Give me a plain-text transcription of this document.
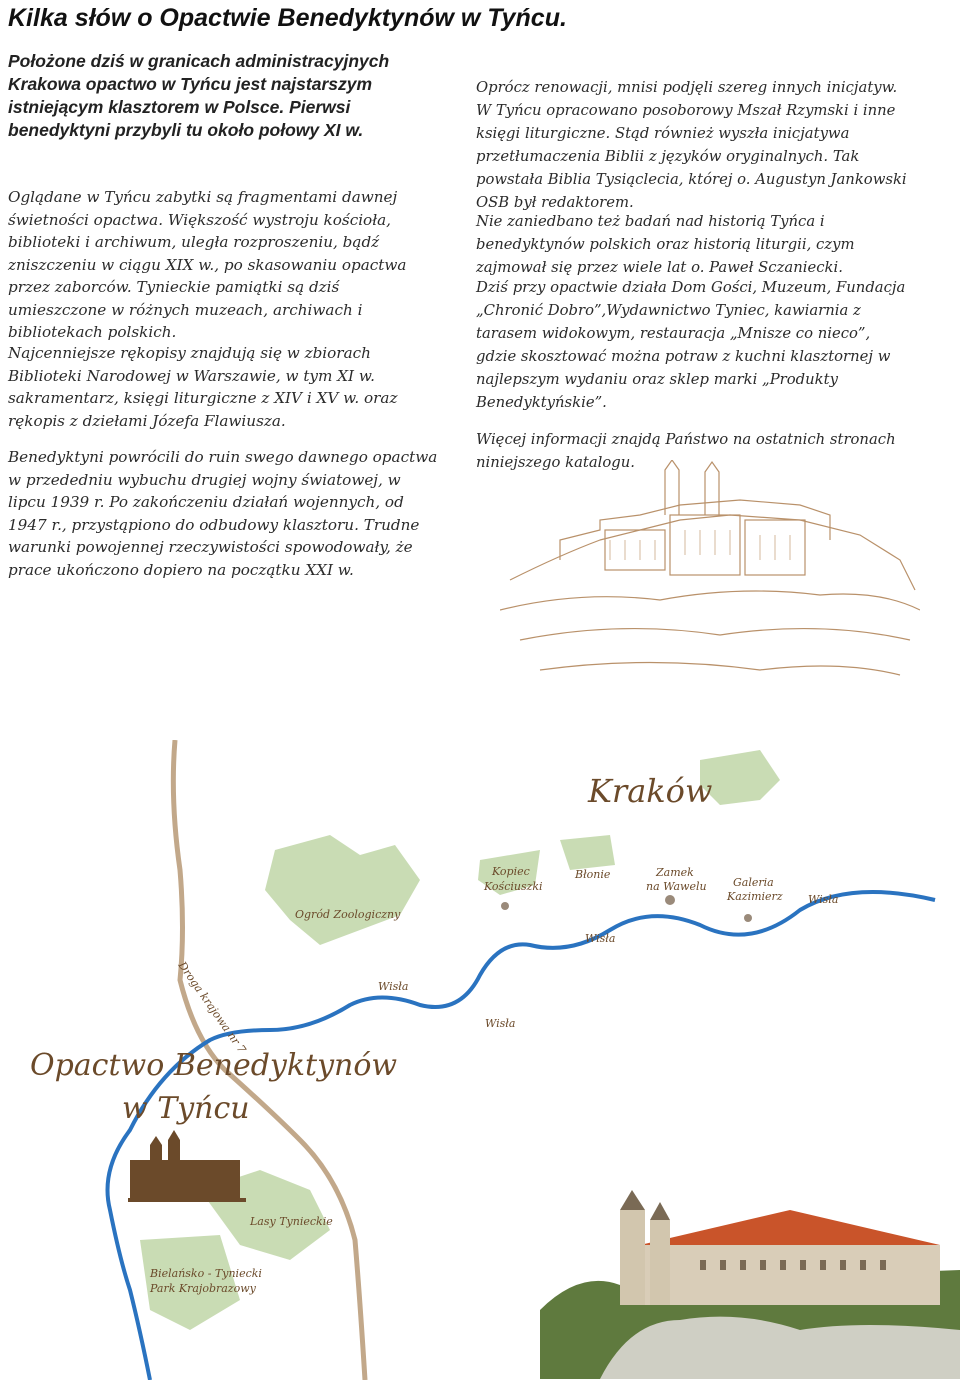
Kilka słów o Opactwie Benedyktynów w Tyńcu.

Położone dziś w granicach administracyjnych Krakowa opactwo w Tyńcu jest najstarszym istniejącym klasztorem w Polsce. Pierwsi benedyktyni przybyli tu około połowy XI w.

Oglądane w Tyńcu zabytki są fragmentami dawnej świetności opactwa. Większość wystroju kościoła, biblioteki i archiwum, uległa rozproszeniu, bądź zniszczeniu w ciągu XIX w., po skasowaniu opactwa przez zaborców. Tynieckie pamiątki są dziś umieszczone w różnych muzeach, archiwach i bibliotekach polskich.

Najcenniejsze rękopisy znajdują się w zbiorach Biblioteki Narodowej w Warszawie, w tym XI w. sakramentarz, księgi liturgiczne z XIV i XV w. oraz rękopis z dziełami Józefa Flawiusza.

Benedyktyni powrócili do ruin swego dawnego opactwa w przededniu wybuchu drugiej wojny światowej, w lipcu 1939 r. Po zakończeniu działań wojennych, od 1947 r., przystąpiono do odbudowy klasztoru. Trudne warunki powojennej rzeczywistości spowodowały, że prace ukończono dopiero na początku XXI w.

Oprócz renowacji, mnisi podjęli szereg innych inicjatyw. W Tyńcu opracowano posoborowy Mszał Rzymski i inne księgi liturgiczne. Stąd również wyszła inicjatywa przetłumaczenia Biblii z języków oryginalnych. Tak powstała Biblia Tysiąclecia, której o. Augustyn Jankowski OSB był redaktorem.

Nie zaniedbano też badań nad historią Tyńca i benedyktynów polskich oraz historią liturgii, czym zajmował się przez wiele lat o. Paweł Sczaniecki.

Dziś przy opactwie działa Dom Gości, Muzeum, Fundacja „Chronić Dobro”,Wydawnictwo Tyniec, kawiarnia z tarasem widokowym, restauracja „Mnisze co nieco”, gdzie skosztować można potraw z kuchni klasztornej w najlepszym wydaniu oraz sklep marki „Produkty Benedyktyńskie”.

Więcej informacji znajdą Państwo na ostatnich stronach niniejszego katalogu.

Kraków
Ogród Zoologiczny
Kopiec
Kościuszki
Błonie	Zamek
na Wawelu Galeria
Kazimierz Wisła
Wisła
Wisła
Wisła
Droga krajowa nr 7
Opactwo Benedyktynów
w Tyńcu
Lasy Tynieckie
Bielańsko - Tyniecki
Park Krajobrazowy
